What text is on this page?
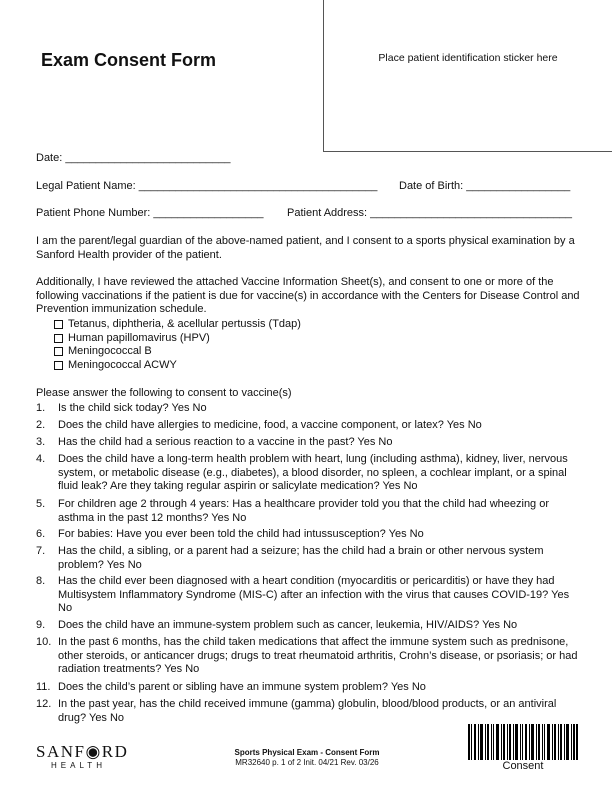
Place patient identification sticker here
Exam Consent Form
Date: ___________________________
Legal Patient Name: _______________________________________ Date of Birth: _________________
Patient Phone Number: __________________ Patient Address: _________________________________
I am the parent/legal guardian of the above-named patient, and I consent to a sports physical examination by a Sanford Health provider of the patient.
Additionally, I have reviewed the attached Vaccine Information Sheet(s), and consent to one or more of the following vaccinations if the patient is due for vaccine(s) in accordance with the Centers for Disease Control and Prevention immunization schedule.
Tetanus, diphtheria, & acellular pertussis (Tdap)
Human papillomavirus (HPV)
Meningococcal B
Meningococcal ACWY
Please answer the following to consent to vaccine(s)
1.	Is the child sick today? Yes No
2.	Does the child have allergies to medicine, food, a vaccine component, or latex? Yes No
3.	Has the child had a serious reaction to a vaccine in the past? Yes No
4.	Does the child have a long-term health problem with heart, lung (including asthma), kidney, liver, nervous system, or metabolic disease (e.g., diabetes), a blood disorder, no spleen, a cochlear implant, or a spinal fluid leak? Are they taking regular aspirin or salicylate medication? Yes No
5.	For children age 2 through 4 years: Has a healthcare provider told you that the child had wheezing or asthma in the past 12 months? Yes No
6.	For babies: Have you ever been told the child had intussusception? Yes No
7.	Has the child, a sibling, or a parent had a seizure; has the child had a brain or other nervous system problem? Yes No
8.	Has the child ever been diagnosed with a heart condition (myocarditis or pericarditis) or have they had Multisystem Inflammatory Syndrome (MIS-C) after an infection with the virus that causes COVID-19? Yes No
9.	Does the child have an immune-system problem such as cancer, leukemia, HIV/AIDS? Yes No
10. In the past 6 months, has the child taken medications that affect the immune system such as prednisone, other steroids, or anticancer drugs; drugs to treat rheumatoid arthritis, Crohn’s disease, or psoriasis; or had radiation treatments? Yes No
11. Does the child’s parent or sibling have an immune system problem? Yes No
12. In the past year, has the child received immune (gamma) globulin, blood/blood products, or an antiviral drug? Yes No
SANF◉RD
HEALTH
Sports Physical Exam - Consent Form
MR32640 p. 1 of 2 Init. 04/21 Rev. 03/26	Consent
